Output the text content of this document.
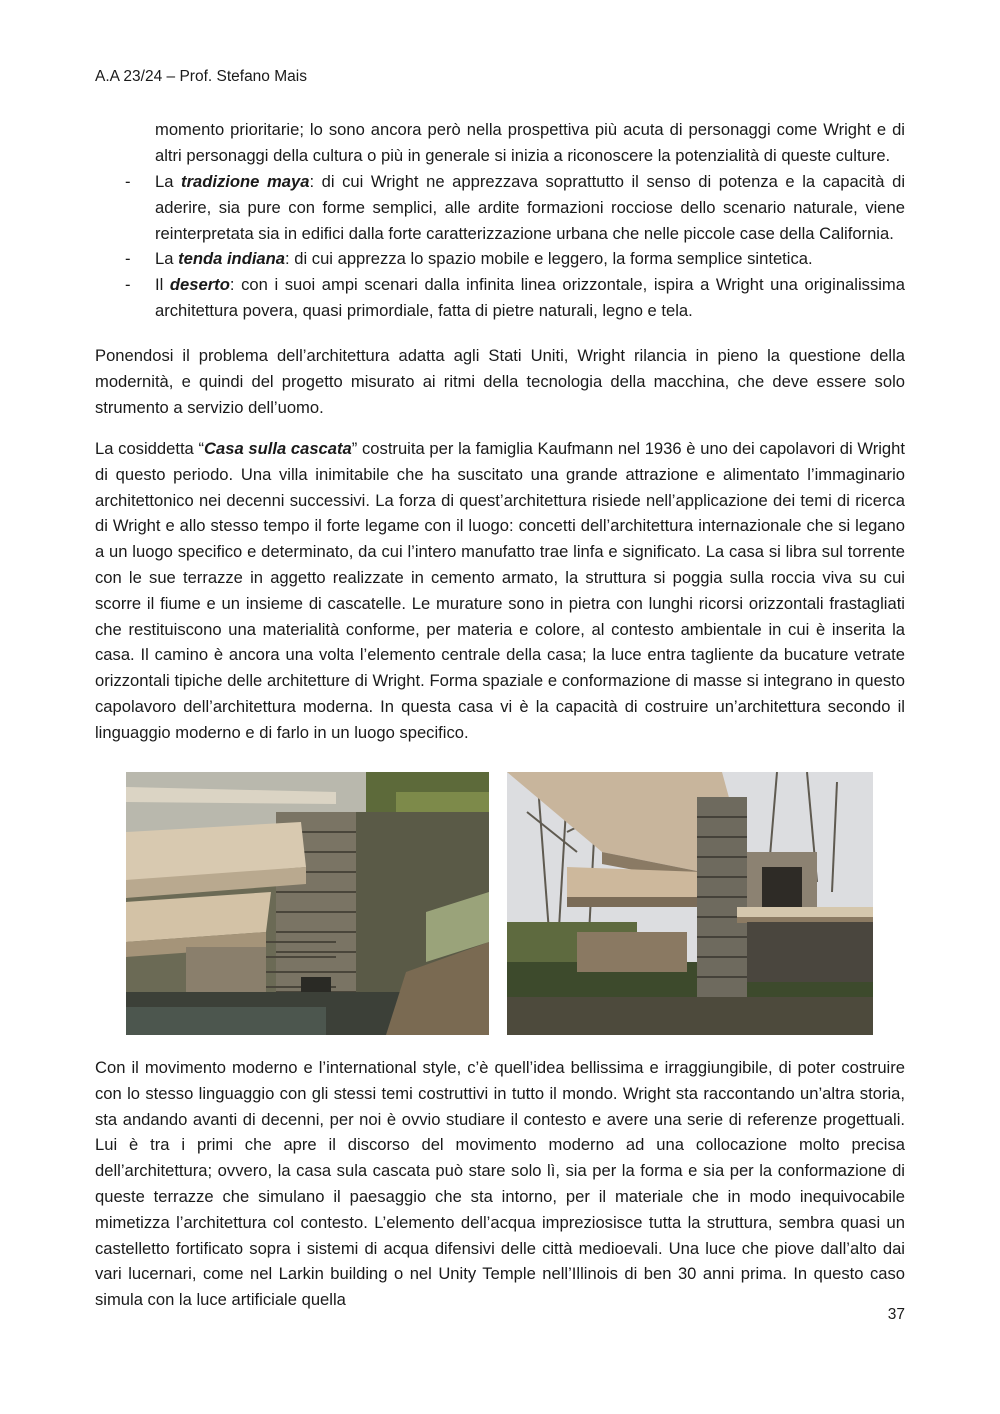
A.A 23/24 – Prof. Stefano Mais
momento prioritarie; lo sono ancora però nella prospettiva più acuta di personaggi come Wright e di altri personaggi della cultura o più in generale si inizia a riconoscere la potenzialità di queste culture.
- La tradizione maya: di cui Wright ne apprezzava soprattutto il senso di potenza e la capacità di aderire, sia pure con forme semplici, alle ardite formazioni rocciose dello scenario naturale, viene reinterpretata sia in edifici dalla forte caratterizzazione urbana che nelle piccole case della California.
- La tenda indiana: di cui apprezza lo spazio mobile e leggero, la forma semplice sintetica.
- Il deserto: con i suoi ampi scenari dalla infinita linea orizzontale, ispira a Wright una originalissima architettura povera, quasi primordiale, fatta di pietre naturali, legno e tela.
Ponendosi il problema dell’architettura adatta agli Stati Uniti, Wright rilancia in pieno la questione della modernità, e quindi del progetto misurato ai ritmi della tecnologia della macchina, che deve essere solo strumento a servizio dell’uomo.
La cosiddetta “Casa sulla cascata” costruita per la famiglia Kaufmann nel 1936 è uno dei capolavori di Wright di questo periodo. Una villa inimitabile che ha suscitato una grande attrazione e alimentato l’immaginario architettonico nei decenni successivi. La forza di quest’architettura risiede nell’applicazione dei temi di ricerca di Wright e allo stesso tempo il forte legame con il luogo: concetti dell’architettura internazionale che si legano a un luogo specifico e determinato, da cui l’intero manufatto trae linfa e significato. La casa si libra sul torrente con le sue terrazze in aggetto realizzate in cemento armato, la struttura si poggia sulla roccia viva su cui scorre il fiume e un insieme di cascatelle. Le murature sono in pietra con lunghi ricorsi orizzontali frastagliati che restituiscono una materialità conforme, per materia e colore, al contesto ambientale in cui è inserita la casa. Il camino è ancora una volta l’elemento centrale della casa; la luce entra tagliente da bucature vetrate orizzontali tipiche delle architetture di Wright. Forma spaziale e conformazione di masse si integrano in questo capolavoro dell’architettura moderna. In questa casa vi è la capacità di costruire un’architettura secondo il linguaggio moderno e di farlo in un luogo specifico.
Con il movimento moderno e l’international style, c’è quell’idea bellissima e irraggiungibile, di poter costruire con lo stesso linguaggio con gli stessi temi costruttivi in tutto il mondo. Wright sta raccontando un’altra storia, sta andando avanti di decenni, per noi è ovvio studiare il contesto e avere una serie di referenze progettuali. Lui è tra i primi che apre il discorso del movimento moderno ad una collocazione molto precisa dell’architettura; ovvero, la casa sula cascata può stare solo lì, sia per la forma e sia per la conformazione di queste terrazze che simulano il paesaggio che sta intorno, per il materiale che in modo inequivocabile mimetizza l’architettura col contesto. L’elemento dell’acqua impreziosisce tutta la struttura, sembra quasi un castelletto fortificato sopra i sistemi di acqua difensivi delle città medioevali. Una luce che piove dall’alto dai vari lucernari, come nel Larkin building o nel Unity Temple nell’Illinois di ben 30 anni prima. In questo caso simula con la luce artificiale quella
37
